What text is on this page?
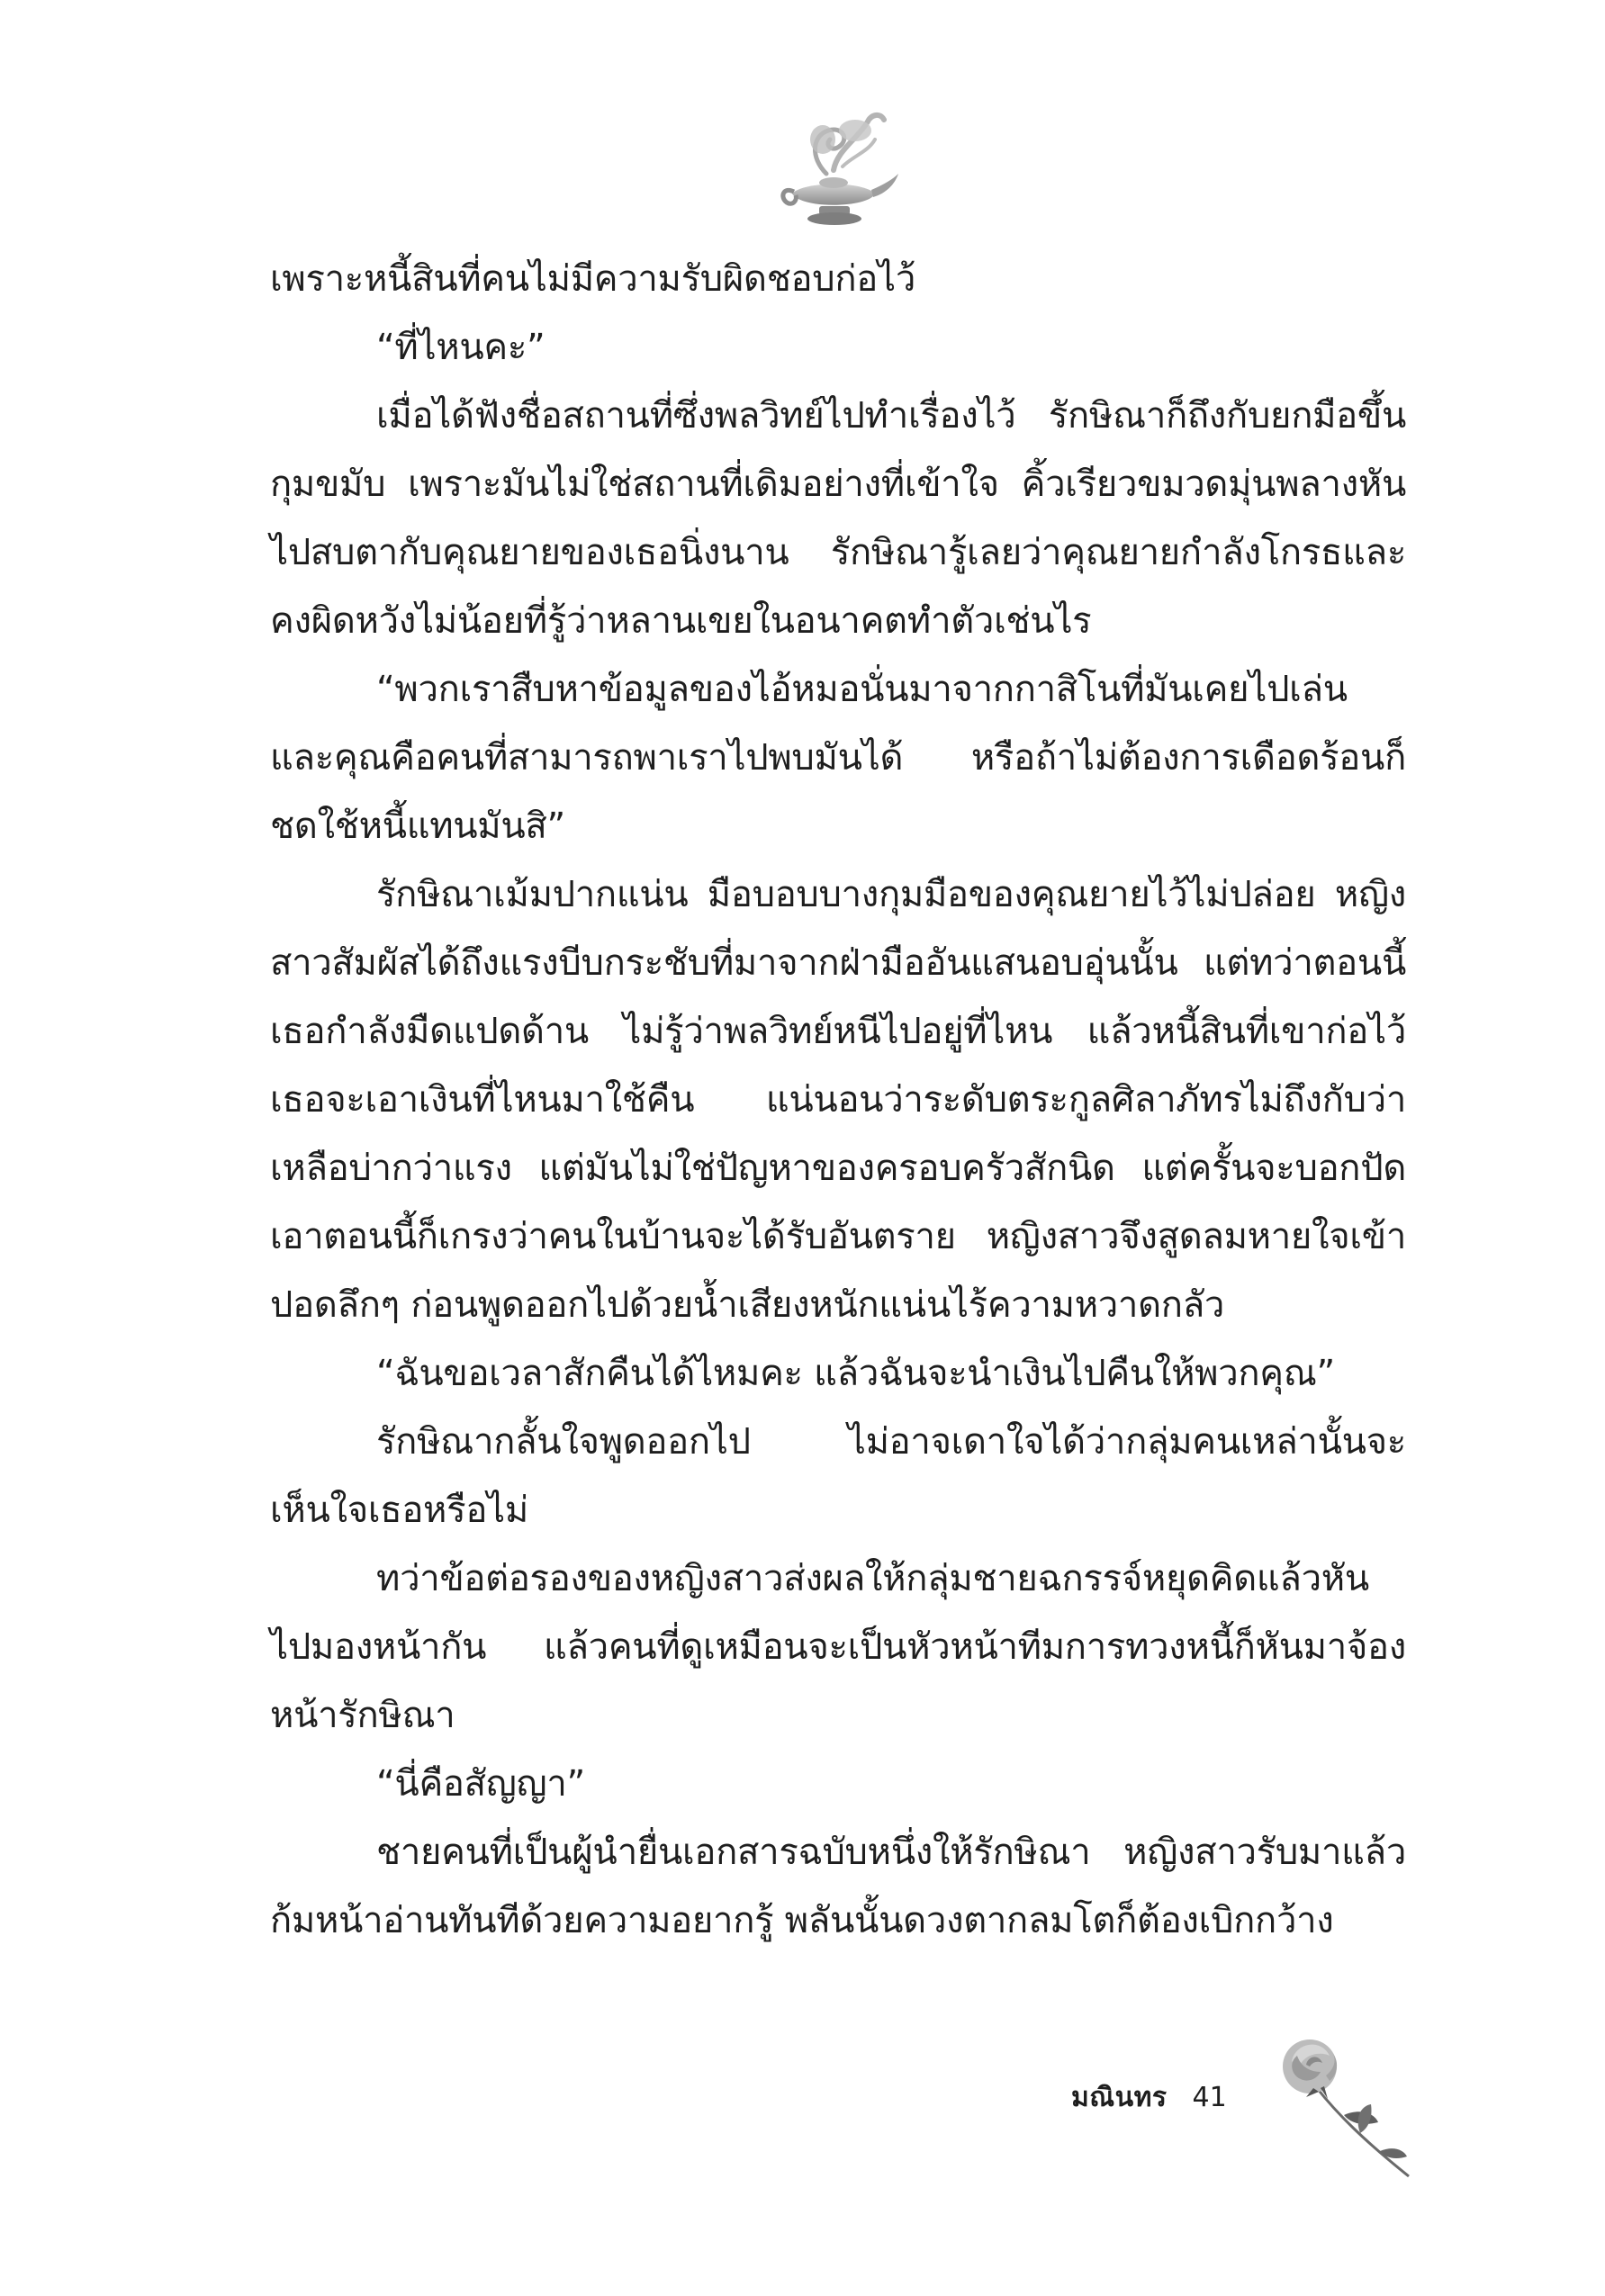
เพราะหนี้สินที่คนไม่มีความรับผิดชอบก่อไว้

“ที่ไหนคะ”

เมื่อได้ฟังชื่อสถานที่ซึ่งพลวิทย์ไปทำเรื่องไว้ รักษิณาก็ถึงกับยกมือขึ้นกุมขมับ เพราะมันไม่ใช่สถานที่เดิมอย่างที่เข้าใจ คิ้วเรียวขมวดมุ่นพลางหันไปสบตากับคุณยายของเธอนิ่งนาน รักษิณารู้เลยว่าคุณยายกำลังโกรธและคงผิดหวังไม่น้อยที่รู้ว่าหลานเขยในอนาคตทำตัวเช่นไร

“พวกเราสืบหาข้อมูลของไอ้หมอนั่นมาจากกาสิโนที่มันเคยไปเล่นและคุณคือคนที่สามารถพาเราไปพบมันได้ หรือถ้าไม่ต้องการเดือดร้อนก็ชดใช้หนี้แทนมันสิ”

รักษิณาเม้มปากแน่น มือบอบบางกุมมือของคุณยายไว้ไม่ปล่อย หญิงสาวสัมผัสได้ถึงแรงบีบกระชับที่มาจากฝ่ามืออันแสนอบอุ่นนั้น แต่ทว่าตอนนี้เธอกำลังมืดแปดด้าน ไม่รู้ว่าพลวิทย์หนีไปอยู่ที่ไหน แล้วหนี้สินที่เขาก่อไว้เธอจะเอาเงินที่ไหนมาใช้คืน แน่นอนว่าระดับตระกูลศิลาภัทรไม่ถึงกับว่าเหลือบ่ากว่าแรง แต่มันไม่ใช่ปัญหาของครอบครัวสักนิด แต่ครั้นจะบอกปัดเอาตอนนี้ก็เกรงว่าคนในบ้านจะได้รับอันตราย หญิงสาวจึงสูดลมหายใจเข้าปอดลึกๆ ก่อนพูดออกไปด้วยน้ำเสียงหนักแน่นไร้ความหวาดกลัว

“ฉันขอเวลาสักคืนได้ไหมคะ แล้วฉันจะนำเงินไปคืนให้พวกคุณ”

รักษิณากลั้นใจพูดออกไป ไม่อาจเดาใจได้ว่ากลุ่มคนเหล่านั้นจะเห็นใจเธอหรือไม่

ทว่าข้อต่อรองของหญิงสาวส่งผลให้กลุ่มชายฉกรรจ์หยุดคิดแล้วหันไปมองหน้ากัน แล้วคนที่ดูเหมือนจะเป็นหัวหน้าทีมการทวงหนี้ก็หันมาจ้องหน้ารักษิณา

“นี่คือสัญญา”

ชายคนที่เป็นผู้นำยื่นเอกสารฉบับหนึ่งให้รักษิณา หญิงสาวรับมาแล้วก้มหน้าอ่านทันทีด้วยความอยากรู้ พลันนั้นดวงตากลมโตก็ต้องเบิกกว้าง

มณินทร 41
